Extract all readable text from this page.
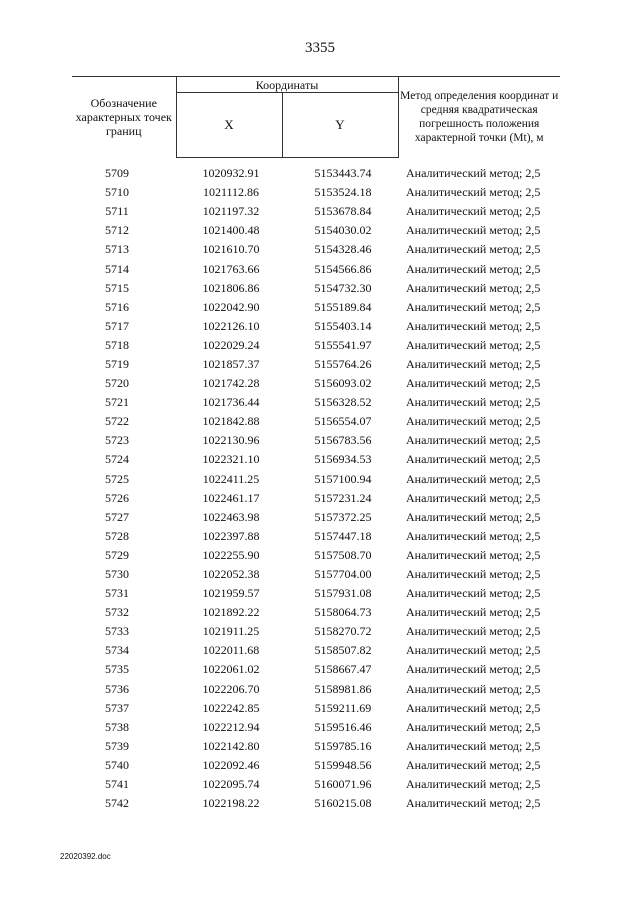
3355
Обозначение характерных точек границ	Координаты		Метод определения координат и средняя квадратическая погрешность положения характерной точки (Mt), м
	X	Y	
5709	1020932.91	5153443.74	Аналитический метод; 2,5
5710	1021112.86	5153524.18	Аналитический метод; 2,5
5711	1021197.32	5153678.84	Аналитический метод; 2,5
5712	1021400.48	5154030.02	Аналитический метод; 2,5
5713	1021610.70	5154328.46	Аналитический метод; 2,5
5714	1021763.66	5154566.86	Аналитический метод; 2,5
5715	1021806.86	5154732.30	Аналитический метод; 2,5
5716	1022042.90	5155189.84	Аналитический метод; 2,5
5717	1022126.10	5155403.14	Аналитический метод; 2,5
5718	1022029.24	5155541.97	Аналитический метод; 2,5
5719	1021857.37	5155764.26	Аналитический метод; 2,5
5720	1021742.28	5156093.02	Аналитический метод; 2,5
5721	1021736.44	5156328.52	Аналитический метод; 2,5
5722	1021842.88	5156554.07	Аналитический метод; 2,5
5723	1022130.96	5156783.56	Аналитический метод; 2,5
5724	1022321.10	5156934.53	Аналитический метод; 2,5
5725	1022411.25	5157100.94	Аналитический метод; 2,5
5726	1022461.17	5157231.24	Аналитический метод; 2,5
5727	1022463.98	5157372.25	Аналитический метод; 2,5
5728	1022397.88	5157447.18	Аналитический метод; 2,5
5729	1022255.90	5157508.70	Аналитический метод; 2,5
5730	1022052.38	5157704.00	Аналитический метод; 2,5
5731	1021959.57	5157931.08	Аналитический метод; 2,5
5732	1021892.22	5158064.73	Аналитический метод; 2,5
5733	1021911.25	5158270.72	Аналитический метод; 2,5
5734	1022011.68	5158507.82	Аналитический метод; 2,5
5735	1022061.02	5158667.47	Аналитический метод; 2,5
5736	1022206.70	5158981.86	Аналитический метод; 2,5
5737	1022242.85	5159211.69	Аналитический метод; 2,5
5738	1022212.94	5159516.46	Аналитический метод; 2,5
5739	1022142.80	5159785.16	Аналитический метод; 2,5
5740	1022092.46	5159948.56	Аналитический метод; 2,5
5741	1022095.74	5160071.96	Аналитический метод; 2,5
5742	1022198.22	5160215.08	Аналитический метод; 2,5
22020392.doc
